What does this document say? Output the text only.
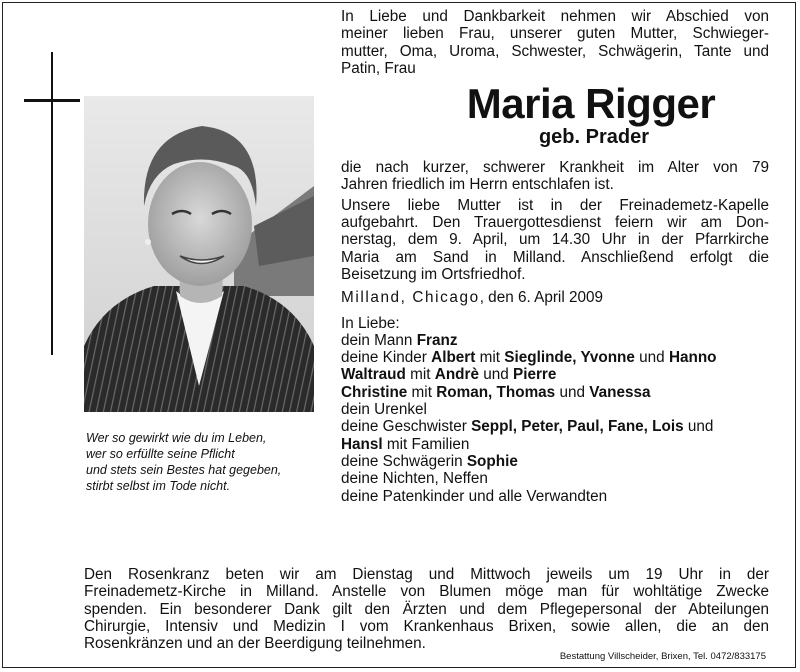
Wer so gewirkt wie du im Leben,
wer so erfüllte seine Pflicht
und stets sein Bestes hat gegeben,
stirbt selbst im Tode nicht.
In Liebe und Dankbarkeit nehmen wir Abschied von
meiner lieben Frau, unserer guten Mutter, Schwieger-
mutter, Oma, Uroma, Schwester, Schwägerin, Tante und
Patin, Frau
Maria Rigger
geb. Prader
die nach kurzer, schwerer Krankheit im Alter von 79
Jahren friedlich im Herrn entschlafen ist.
Unsere liebe Mutter ist in der Freinademetz-Kapelle
aufgebahrt. Den Trauergottesdienst feiern wir am Don-
nerstag, dem 9. April, um 14.30 Uhr in der Pfarrkirche
Maria am Sand in Milland. Anschließend erfolgt die
Beisetzung im Ortsfriedhof.
Milland, Chicago, den 6. April 2009
In Liebe:
dein Mann Franz
deine Kinder Albert mit Sieglinde, Yvonne und Hanno
Waltraud mit Andrè und Pierre
Christine mit Roman, Thomas und Vanessa
dein Urenkel
deine Geschwister Seppl, Peter, Paul, Fane, Lois und
Hansl mit Familien
deine Schwägerin Sophie
deine Nichten, Neffen
deine Patenkinder und alle Verwandten
Den Rosenkranz beten wir am Dienstag und Mittwoch jeweils um 19 Uhr in der
Freinademetz-Kirche in Milland. Anstelle von Blumen möge man für wohltätige Zwecke
spenden. Ein besonderer Dank gilt den Ärzten und dem Pflegepersonal der Abteilungen
Chirurgie, Intensiv und Medizin I vom Krankenhaus Brixen, sowie allen, die an den
Rosenkränzen und an der Beerdigung teilnehmen.
Bestattung Villscheider, Brixen, Tel. 0472/833175
